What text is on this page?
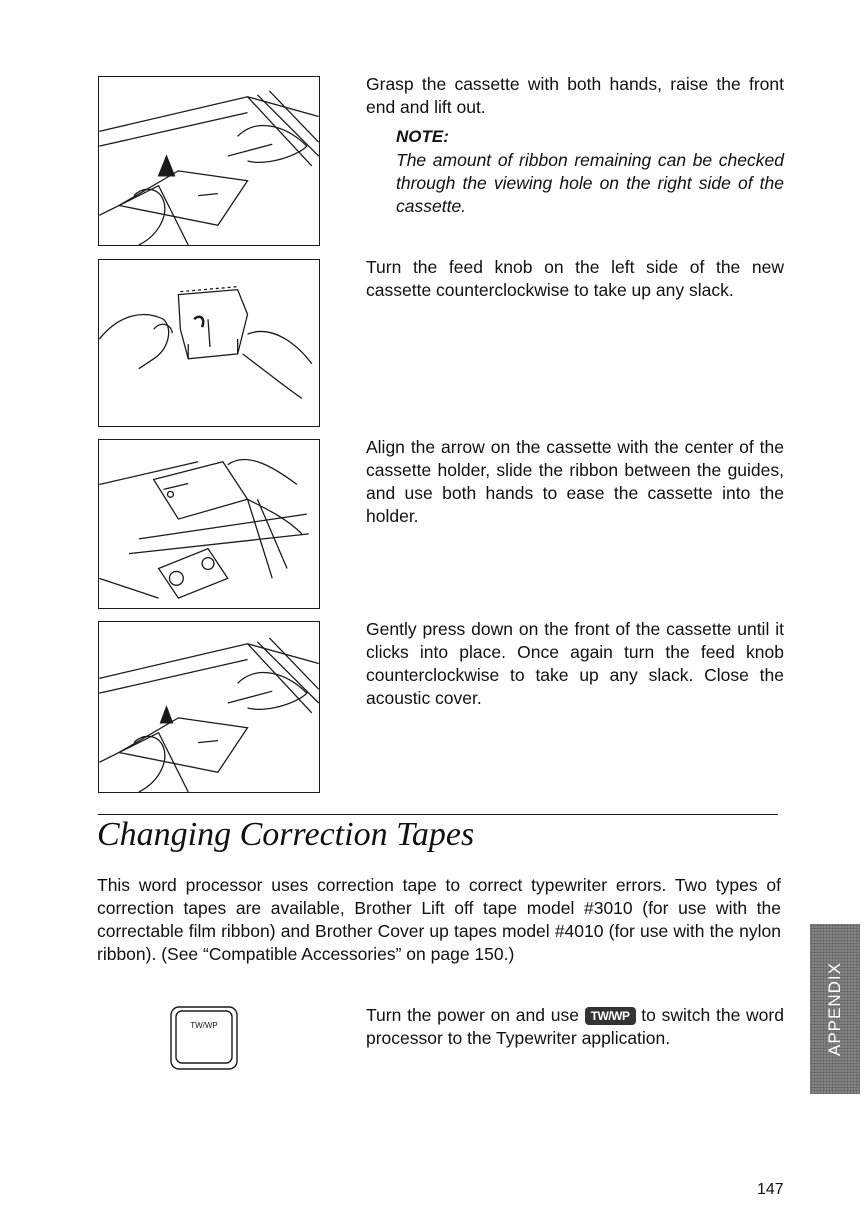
Grasp the cassette with both hands, raise the front end and lift out.
NOTE:
The amount of ribbon remaining can be checked through the viewing hole on the right side of the cassette.
Turn the feed knob on the left side of the new cassette counterclockwise to take up any slack.
Align the arrow on the cassette with the center of the cassette holder, slide the ribbon between the guides, and use both hands to ease the cassette into the holder.
Gently press down on the front of the cassette until it clicks into place. Once again turn the feed knob counterclockwise to take up any slack. Close the acoustic cover.
Changing Correction Tapes

This word processor uses correction tape to correct typewriter errors. Two types of correction tapes are available, Brother Lift off tape model #3010 (for use with the correctable film ribbon) and Brother Cover up tapes model #4010 (for use with the nylon ribbon). (See “Compatible Accessories” on page 150.)

TW/WP

Turn the power on and use TW/WP to switch the word processor to the Typewriter application.	APPENDIX

147
